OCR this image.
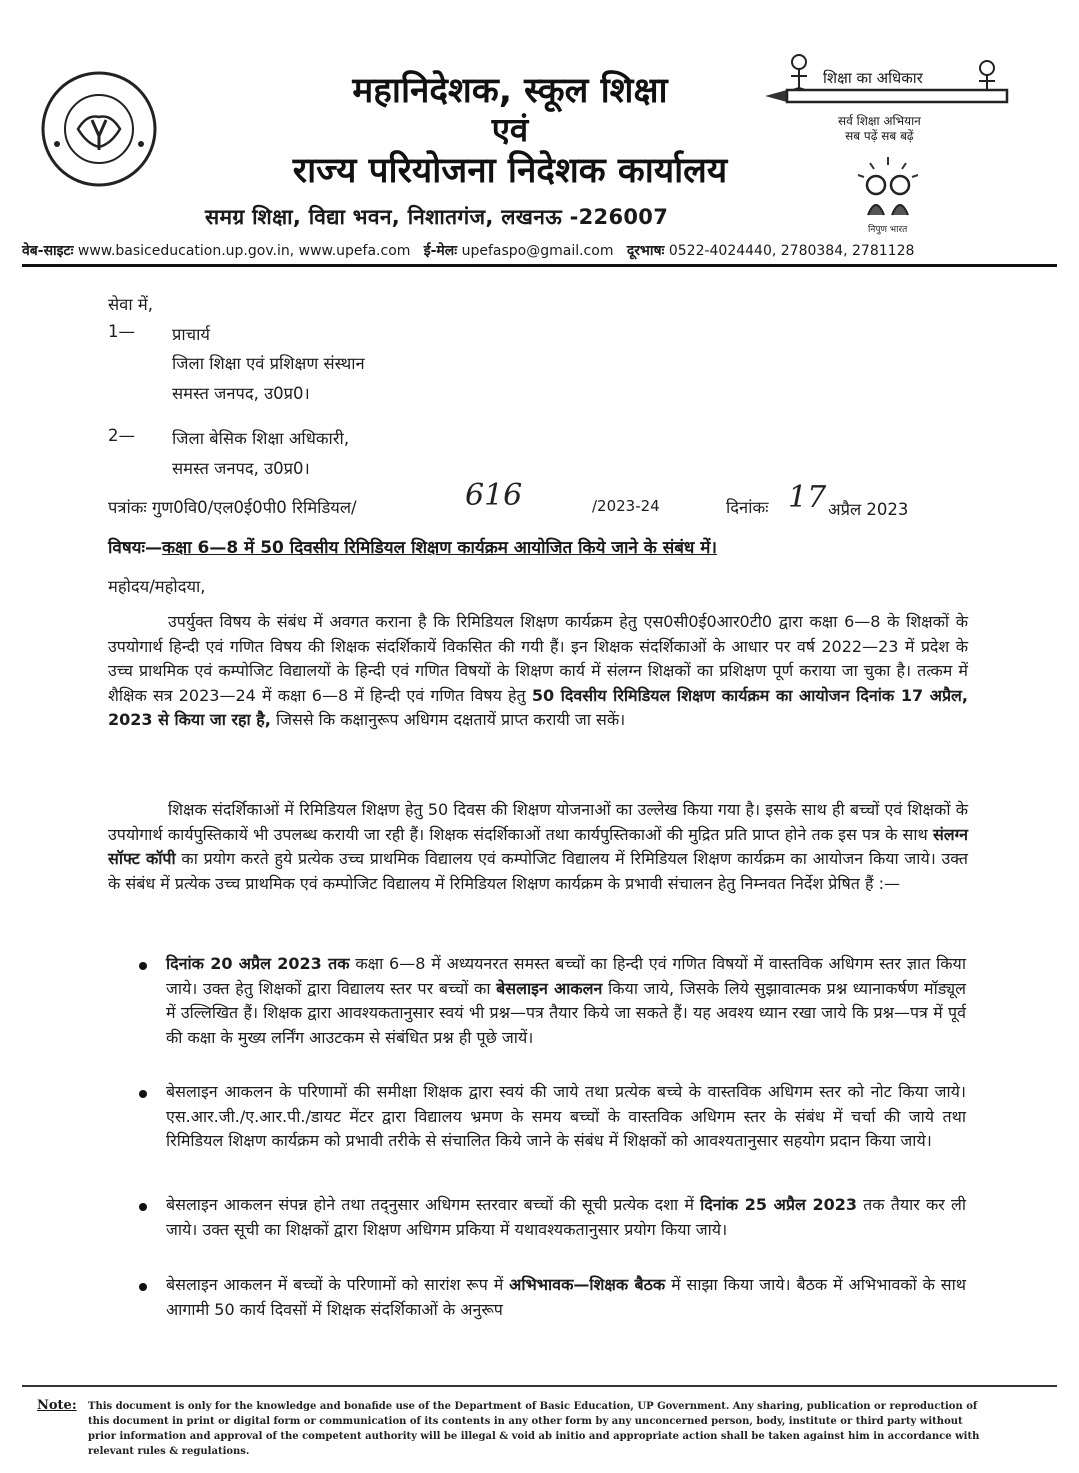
महानिदेशक, स्कूल शिक्षा
एवं
राज्य परियोजना निदेशक कार्यालय
समग्र शिक्षा, विद्या भवन, निशातगंज, लखनऊ -226007
शिक्षा का अधिकार
सर्व शिक्षा अभियान
सब पढ़ें सब बढ़ें
निपुण भारत
वेब-साइटः www.basiceducation.up.gov.in, www.upefa.com ई-मेलः upefaspo@gmail.com दूरभाषः 0522-4024440, 2780384, 2781128
सेवा में,
1— प्राचार्य
जिला शिक्षा एवं प्रशिक्षण संस्थान
समस्त जनपद, उ0प्र0।
2— जिला बेसिक शिक्षा अधिकारी,
समस्त जनपद, उ0प्र0।
पत्रांकः गुण0वि0/एल0ई0पी0 रिमिडियल/	616	/2023-24	दिनांकः 17 अप्रैल 2023
विषयः—कक्षा 6—8 में 50 दिवसीय रिमिडियल शिक्षण कार्यक्रम आयोजित किये जाने के संबंध में।
महोदय/महोदया,
उपर्युक्त विषय के संबंध में अवगत कराना है कि रिमिडियल शिक्षण कार्यक्रम हेतु एस0सी0ई0आर0टी0 द्वारा कक्षा 6—8 के शिक्षकों के उपयोगार्थ हिन्दी एवं गणित विषय की शिक्षक संदर्शिकायें विकसित की गयी हैं। इन शिक्षक संदर्शिकाओं के आधार पर वर्ष 2022—23 में प्रदेश के उच्च प्राथमिक एवं कम्पोजिट विद्यालयों के हिन्दी एवं गणित विषयों के शिक्षण कार्य में संलग्न शिक्षकों का प्रशिक्षण पूर्ण कराया जा चुका है। तत्कम में शैक्षिक सत्र 2023—24 में कक्षा 6—8 में हिन्दी एवं गणित विषय हेतु 50 दिवसीय रिमिडियल शिक्षण कार्यक्रम का आयोजन दिनांक 17 अप्रैल, 2023 से किया जा रहा है, जिससे कि कक्षानुरूप अधिगम दक्षतायें प्राप्त करायी जा सकें।
शिक्षक संदर्शिकाओं में रिमिडियल शिक्षण हेतु 50 दिवस की शिक्षण योजनाओं का उल्लेख किया गया है। इसके साथ ही बच्चों एवं शिक्षकों के उपयोगार्थ कार्यपुस्तिकायें भी उपलब्ध करायी जा रही हैं। शिक्षक संदर्शिकाओं तथा कार्यपुस्तिकाओं की मुद्रित प्रति प्राप्त होने तक इस पत्र के साथ संलग्न सॉफ्ट कॉपी का प्रयोग करते हुये प्रत्येक उच्च प्राथमिक विद्यालय एवं कम्पोजिट विद्यालय में रिमिडियल शिक्षण कार्यक्रम का आयोजन किया जाये। उक्त के संबंध में प्रत्येक उच्च प्राथमिक एवं कम्पोजिट विद्यालय में रिमिडियल शिक्षण कार्यक्रम के प्रभावी संचालन हेतु निम्नवत निर्देश प्रेषित हैं :—
दिनांक 20 अप्रैल 2023 तक कक्षा 6—8 में अध्ययनरत समस्त बच्चों का हिन्दी एवं गणित विषयों में वास्तविक अधिगम स्तर ज्ञात किया जाये। उक्त हेतु शिक्षकों द्वारा विद्यालय स्तर पर बच्चों का बेसलाइन आकलन किया जाये, जिसके लिये सुझावात्मक प्रश्न ध्यानाकर्षण मॉड्यूल में उल्लिखित हैं। शिक्षक द्वारा आवश्यकतानुसार स्वयं भी प्रश्न—पत्र तैयार किये जा सकते हैं। यह अवश्य ध्यान रखा जाये कि प्रश्न—पत्र में पूर्व की कक्षा के मुख्य लर्निंग आउटकम से संबंधित प्रश्न ही पूछे जायें।
बेसलाइन आकलन के परिणामों की समीक्षा शिक्षक द्वारा स्वयं की जाये तथा प्रत्येक बच्चे के वास्तविक अधिगम स्तर को नोट किया जाये। एस.आर.जी./ए.आर.पी./डायट मेंटर द्वारा विद्यालय भ्रमण के समय बच्चों के वास्तविक अधिगम स्तर के संबंध में चर्चा की जाये तथा रिमिडियल शिक्षण कार्यक्रम को प्रभावी तरीके से संचालित किये जाने के संबंध में शिक्षकों को आवश्यतानुसार सहयोग प्रदान किया जाये।
बेसलाइन आकलन संपन्न होने तथा तद्नुसार अधिगम स्तरवार बच्चों की सूची प्रत्येक दशा में दिनांक 25 अप्रैल 2023 तक तैयार कर ली जाये। उक्त सूची का शिक्षकों द्वारा शिक्षण अधिगम प्रकिया में यथावश्यकतानुसार प्रयोग किया जाये।
बेसलाइन आकलन में बच्चों के परिणामों को सारांश रूप में अभिभावक—शिक्षक बैठक में साझा किया जाये। बैठक में अभिभावकों के साथ आगामी 50 कार्य दिवसों में शिक्षक संदर्शिकाओं के अनुरूप
Note: This document is only for the knowledge and bonafide use of the Department of Basic Education, UP Government. Any sharing, publication or reproduction of this document in print or digital form or communication of its contents in any other form by any unconcerned person, body, institute or third party without prior information and approval of the competent authority will be illegal & void ab initio and appropriate action shall be taken against him in accordance with relevant rules & regulations.
